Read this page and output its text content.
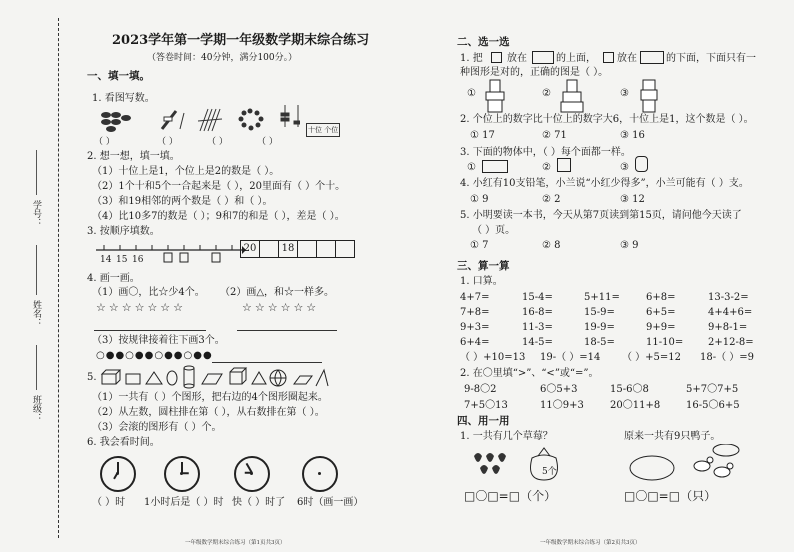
学号：
姓名：
班级：
2023学年第一学期一年级数学期末综合练习
（答卷时间：40分钟，满分100分。）
一、填一填。
1. 看图写数。
十位 个位
（ ）	（ ）	（ ）	（ ）
2. 想一想，填一填。
（1）十位上是1，个位上是2的数是（ ）。
（2）1个十和5个一合起来是（ ），20里面有（ ）个十。
（3）和19相邻的两个数是（ ）和（ ）。
（4）比10多7的数是（ ）；9和7的和是（ ），差是（ ）。
3. 按顺序填数。
14 15 16
20	18
4. 画一画。
（1）画〇，比☆少4个。 （2）画△，和☆一样多。
☆☆☆☆☆☆☆	☆☆☆☆☆☆
（3）按规律接着往下画3个。
○●●○●●○●●○●●
5.
（1）一共有（ ）个图形，把右边的4个图形圈起来。
（2）从左数，圆柱排在第（ ），从右数排在第（ ）。
（3）会滚的图形有（ ）个。
6. 我会看时间。
（ ）时 1小时后是（ ）时 快（ ）时了 6时（画一画）
一年级数学期末综合练习（第1页共3页）
二、选一选
1. 把 放在	的上面， 放在	的下面，下面只有一
种图形是对的，正确的图是（ ）。
①	②	③
2. 个位上的数字比十位上的数字大6，十位上是1，这个数是（ ）。
① 17	② 71	③ 16
3. 下面的物体中，（ ）每个面都一样。
①	②	③
4. 小红有10支铅笔，小兰说“小红少得多”，小兰可能有（ ）支。
① 9	② 2	③ 12
5. 小明要读一本书，今天从第7页读到第15页，请问他今天读了
（ ）页。
① 7	② 8	③ 9
三、算一算
1. 口算。
4+7=	15-4=	5+11=	6+8=	13-3-2=
7+8=	16-8=	15-9=	6+5=	4+4+6=
9+3=	11-3=	19-9=	9+9=	9+8-1=
6+4=	14-5=	18-5=	11-10= 2+12-8=
（ ）+10=13 19-（ ）=14 （ ）+5=12 18-（ ）=9
2. 在〇里填“>”、“<”或“=”。
9-8〇2	6〇5+3	15-6〇8	5+7〇7+5
7+5〇13	11〇9+3	20〇11+8	16-5〇6+5
四、用一用
1. 一共有几个草莓？	原来一共有9只鸭子。
5个
□〇□=□（个）	□〇□=□（只）
一年级数学期末综合练习（第2页共3页）
